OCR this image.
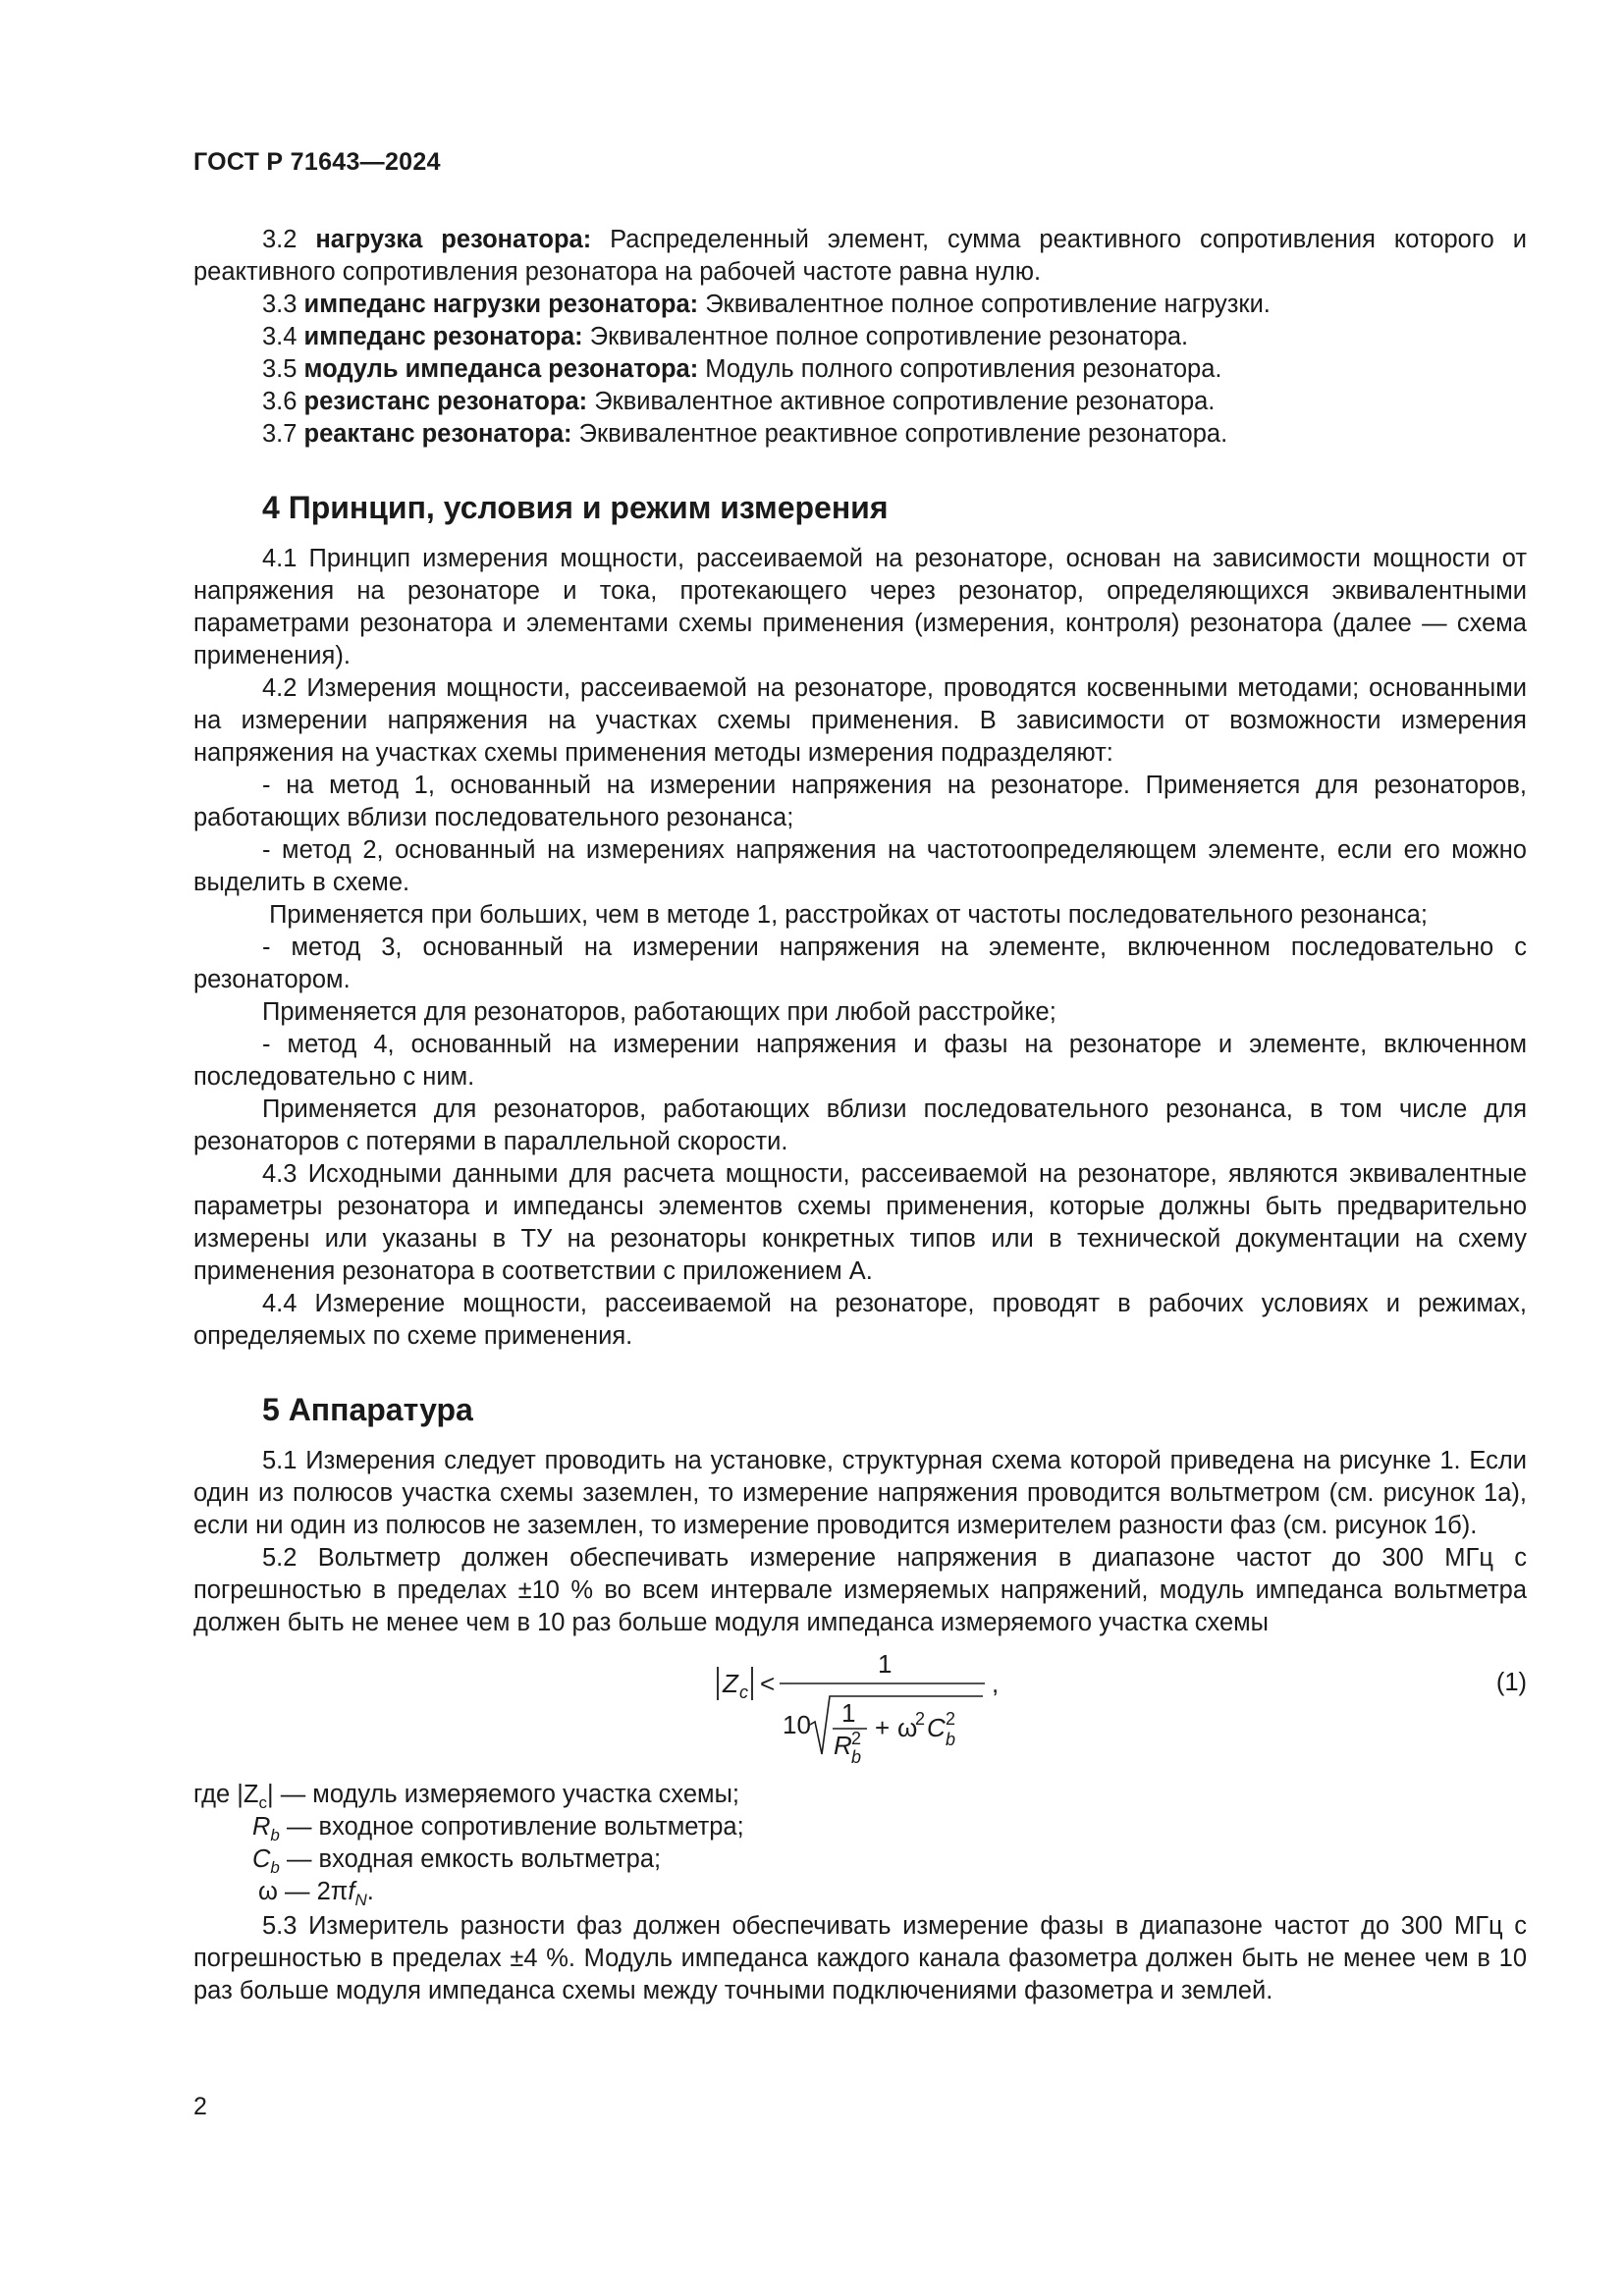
ГОСТ Р 71643—2024

3.2 нагрузка резонатора: Распределенный элемент, сумма реактивного сопротивления которого и реактивного сопротивления резонатора на рабочей частоте равна нулю.

3.3 импеданс нагрузки резонатора: Эквивалентное полное сопротивление нагрузки.

3.4 импеданс резонатора: Эквивалентное полное сопротивление резонатора.

3.5 модуль импеданса резонатора: Модуль полного сопротивления резонатора.

3.6 резистанс резонатора: Эквивалентное активное сопротивление резонатора.

3.7 реактанс резонатора: Эквивалентное реактивное сопротивление резонатора.

4 Принцип, условия и режим измерения

4.1 Принцип измерения мощности, рассеиваемой на резонаторе, основан на зависимости мощности от напряжения на резонаторе и тока, протекающего через резонатор, определяющихся эквивалентными параметрами резонатора и элементами схемы применения (измерения, контроля) резонатора (далее — схема применения).

4.2 Измерения мощности, рассеиваемой на резонаторе, проводятся косвенными методами; основанными на измерении напряжения на участках схемы применения. В зависимости от возможности измерения напряжения на участках схемы применения методы измерения подразделяют:

- на метод 1, основанный на измерении напряжения на резонаторе. Применяется для резонаторов, работающих вблизи последовательного резонанса;

- метод 2, основанный на измерениях напряжения на частотоопределяющем элементе, если его можно выделить в схеме.

Применяется при больших, чем в методе 1, расстройках от частоты последовательного резонанса;

- метод 3, основанный на измерении напряжения на элементе, включенном последовательно с резонатором.

Применяется для резонаторов, работающих при любой расстройке;

- метод 4, основанный на измерении напряжения и фазы на резонаторе и элементе, включенном последовательно с ним.

Применяется для резонаторов, работающих вблизи последовательного резонанса, в том числе для резонаторов с потерями в параллельной скорости.

4.3 Исходными данными для расчета мощности, рассеиваемой на резонаторе, являются эквивалентные параметры резонатора и импедансы элементов схемы применения, которые должны быть предварительно измерены или указаны в ТУ на резонаторы конкретных типов или в технической документации на схему применения резонатора в соответствии с приложением А.

4.4 Измерение мощности, рассеиваемой на резонаторе, проводят в рабочих условиях и режимах, определяемых по схеме применения.

5 Аппаратура

5.1 Измерения следует проводить на установке, структурная схема которой приведена на рисунке 1. Если один из полюсов участка схемы заземлен, то измерение напряжения проводится вольтметром (см. рисунок 1а), если ни один из полюсов не заземлен, то измерение проводится измерителем разности фаз (см. рисунок 1б).

5.2 Вольтметр должен обеспечивать измерение напряжения в диапазоне частот до 300 МГц с погрешностью в пределах ±10 % во всем интервале измеряемых напряжений, модуль импеданса вольтметра должен быть не менее чем в 10 раз больше модуля импеданса измеряемого участка схемы

Z c <
1
,
10 1
R 2
b
+ ω
2 C 2
b
(1)
где $|Z_c|$ — модуль измеряемого участка схемы;
$R_b$ — входное сопротивление вольтметра;
$C_b$ — входная емкость вольтметра;
ω — $2\pi f_N$.

5.3 Измеритель разности фаз должен обеспечивать измерение фазы в диапазоне частот до 300 МГц с погрешностью в пределах ±4 %. Модуль импеданса каждого канала фазометра должен быть не менее чем в 10 раз больше модуля импеданса схемы между точными подключениями фазометра и землей.

2
